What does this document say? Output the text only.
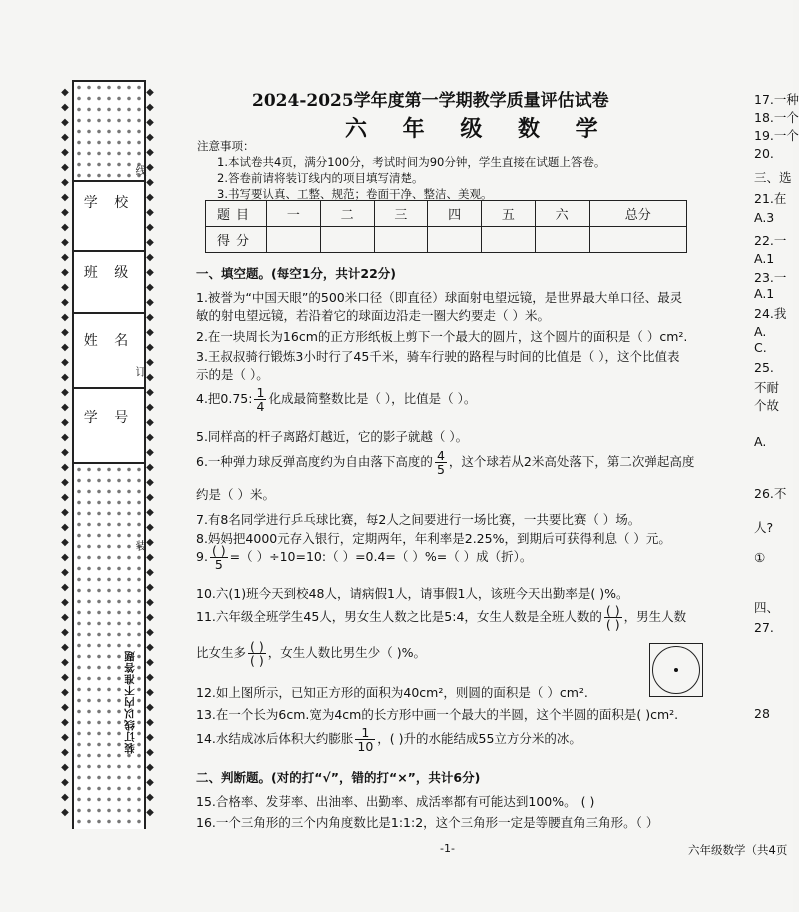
◆
◆
◆
◆
◆
◆
◆
◆
◆
◆
◆
◆
◆
◆
◆
◆
◆
◆
◆
◆
◆
◆
◆
◆
◆
◆
◆
◆
◆
◆
◆
◆
◆
◆
◆
◆
◆
◆
◆
◆
◆
◆
◆
◆
◆
◆
◆
◆
◆
◆
◆
◆
◆
◆
◆
◆
◆
◆
◆
◆
◆
◆
◆
◆
◆
◆
◆
◆
◆
◆
◆
◆
◆
◆
◆
◆
◆
◆
◆
◆
◆
◆
◆
◆
◆
◆
◆
◆
◆
◆
◆
◆
◆
◆
◆
◆
◆
◆
学 校
班 级
姓 名
学 号
线
订
装
装订线以内不准答题
2024-2025学年度第一学期教学质量评估试卷
六 年 级 数 学
注意事项：
1.本试卷共4页，满分100分，考试时间为90分钟，学生直接在试题上答卷。
2.答卷前请将装订线内的项目填写清楚。
3.书写要认真、工整、规范；卷面干净、整洁、美观。
题目	一	二	三	四	五	六	总分
得分							
一、填空题。(每空1分，共计22分)
1.被誉为“中国天眼”的500米口径（即直径）球面射电望远镜，是世界最大单口径、最灵
敏的射电望远镜，若沿着它的球面边沿走一圈大约要走（ ）米。
2.在一块周长为16cm的正方形纸板上剪下一个最大的圆片，这个圆片的面积是（ ）cm².
3.王叔叔骑行锻炼3小时行了45千米，骑车行驶的路程与时间的比值是（ ），这个比值表
示的是（ ）。
4.把0.75: $\frac{1}{4}$ 化成最简整数比是（ ），比值是（ ）。
5.同样高的杆子离路灯越近，它的影子就越（ ）。
6.一种弹力球反弹高度约为自由落下高度的 $\frac{4}{5}$ ，这个球若从2米高处落下，第二次弹起高度
约是（ ）米。
7.有8名同学进行乒乓球比赛，每2人之间要进行一场比赛，一共要比赛（ ）场。
8.妈妈把4000元存入银行，定期两年，年利率是2.25%，到期后可获得利息（ ）元。
9. $\frac{( )}{5}$ =（ ）÷10=10:（ ）=0.4=（ ）%=（ ）成（折）。
10.六(1)班今天到校48人，请病假1人，请事假1人，该班今天出勤率是( )%。
11.六年级全班学生45人，男女生人数之比是5:4，女生人数是全班人数的 $\frac{( )}{( )}$ ，男生人数
比女生多 $\frac{( )}{( )}$ ，女生人数比男生少（ )%。
12.如上图所示，已知正方形的面积为40cm²，则圆的面积是（ ）cm².
13.在一个长为6cm.宽为4cm的长方形中画一个最大的半圆，这个半圆的面积是( )cm².
14.水结成冰后体积大约膨胀 $\frac{1}{10}$ ，( )升的水能结成55立方分米的冰。
二、判断题。(对的打“√”，错的打“×”，共计6分)
15.合格率、发芽率、出油率、出勤率、成活率都有可能达到100%。 ( )
16.一个三角形的三个内角度数比是1:1:2，这个三角形一定是等腰直角三角形。（ ）
-1-	六年级数学（共4页
17.一种
18.一个
19.一个
20.
三、选
21.在
A.3
22.一
A.1
23.一
A.1
24.我
A.
C.
25.
不耐
个故
A.
26.不
人?
①
四、
27.
28
